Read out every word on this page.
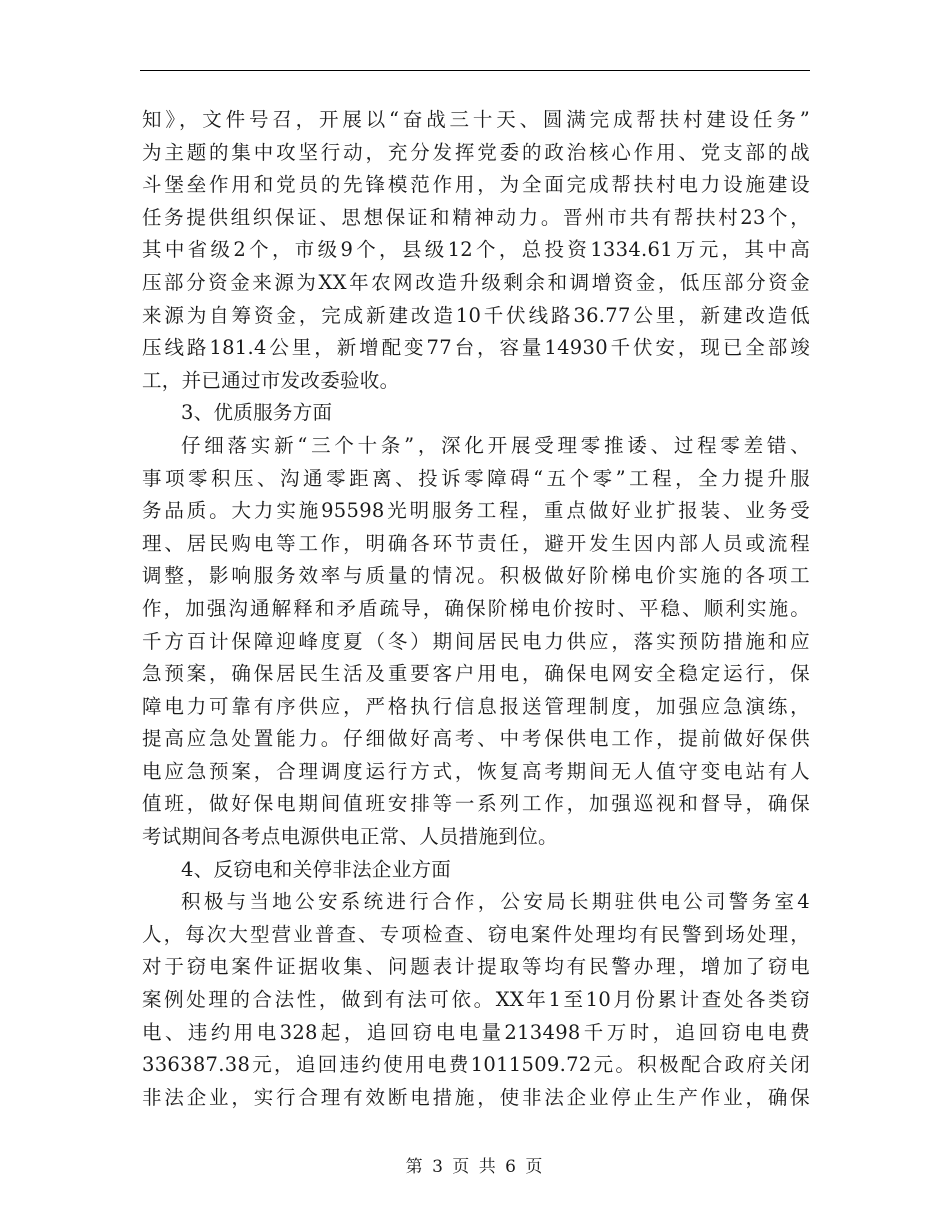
知》，文件号召，开展以“奋战三十天、圆满完成帮扶村建设任务”
为主题的集中攻坚行动，充分发挥党委的政治核心作用、党支部的战
斗堡垒作用和党员的先锋模范作用，为全面完成帮扶村电力设施建设
任务提供组织保证、思想保证和精神动力。晋州市共有帮扶村23个，
其中省级2个，市级9个，县级12个，总投资1334.61万元，其中高
压部分资金来源为XX年农网改造升级剩余和调增资金，低压部分资金
来源为自筹资金，完成新建改造10千伏线路36.77公里，新建改造低
压线路181.4公里，新增配变77台，容量14930千伏安，现已全部竣
工，并已通过市发改委验收。
3、优质服务方面
仔细落实新“三个十条”，深化开展受理零推诿、过程零差错、
事项零积压、沟通零距离、投诉零障碍“五个零”工程，全力提升服
务品质。大力实施95598光明服务工程，重点做好业扩报装、业务受
理、居民购电等工作，明确各环节责任，避开发生因内部人员或流程
调整，影响服务效率与质量的情况。积极做好阶梯电价实施的各项工
作，加强沟通解释和矛盾疏导，确保阶梯电价按时、平稳、顺利实施。
千方百计保障迎峰度夏（冬）期间居民电力供应，落实预防措施和应
急预案，确保居民生活及重要客户用电，确保电网安全稳定运行，保
障电力可靠有序供应，严格执行信息报送管理制度，加强应急演练，
提高应急处置能力。仔细做好高考、中考保供电工作，提前做好保供
电应急预案，合理调度运行方式，恢复高考期间无人值守变电站有人
值班，做好保电期间值班安排等一系列工作，加强巡视和督导，确保
考试期间各考点电源供电正常、人员措施到位。
4、反窃电和关停非法企业方面
积极与当地公安系统进行合作，公安局长期驻供电公司警务室4
人，每次大型营业普查、专项检查、窃电案件处理均有民警到场处理，
对于窃电案件证据收集、问题表计提取等均有民警办理，增加了窃电
案例处理的合法性，做到有法可依。XX年1至10月份累计查处各类窃
电、违约用电328起，追回窃电电量213498千万时，追回窃电电费
336387.38元，追回违约使用电费1011509.72元。积极配合政府关闭
非法企业，实行合理有效断电措施，使非法企业停止生产作业，确保
第 3 页 共 6 页
